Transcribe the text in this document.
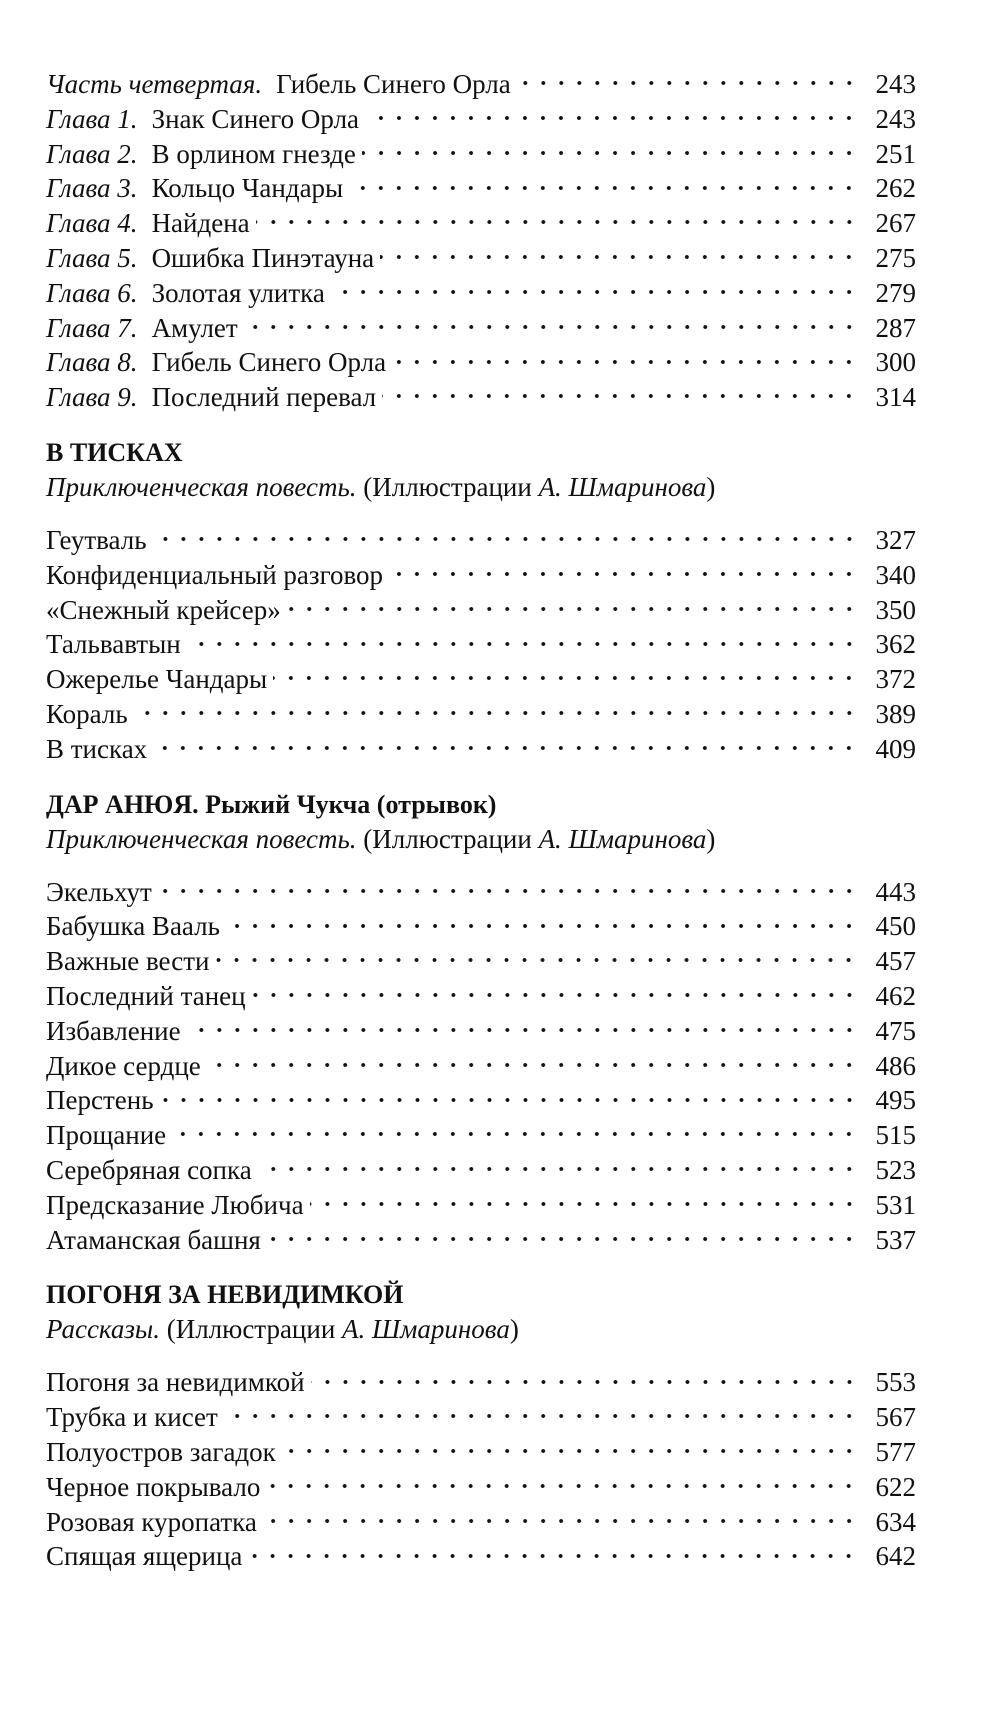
Часть четвертая. Гибель Синего Орла	243
Глава 1. Знак Синего Орла	243
Глава 2. В орлином гнезде	251
Глава 3. Кольцо Чандары	262
Глава 4. Найдена	267
Глава 5. Ошибка Пинэтауна	275
Глава 6. Золотая улитка	279
Глава 7. Амулет	287
Глава 8. Гибель Синего Орла	300
Глава 9. Последний перевал	314
В ТИСКАХ
Приключенческая повесть. (Иллюстрации А. Шмаринова)
Геутваль	327
Конфиденциальный разговор	340
«Снежный крейсер»	350
Тальвавтын	362
Ожерелье Чандары	372
Кораль	389
В тисках	409
ДАР АНЮЯ. Рыжий Чукча (отрывок)
Приключенческая повесть. (Иллюстрации А. Шмаринова)
Экельхут	443
Бабушка Вааль	450
Важные вести	457
Последний танец	462
Избавление	475
Дикое сердце	486
Перстень	495
Прощание	515
Серебряная сопка	523
Предсказание Любича	531
Атаманская башня	537
ПОГОНЯ ЗА НЕВИДИМКОЙ
Рассказы. (Иллюстрации А. Шмаринова)
Погоня за невидимкой	553
Трубка и кисет	567
Полуостров загадок	577
Черное покрывало	622
Розовая куропатка	634
Спящая ящерица	642
